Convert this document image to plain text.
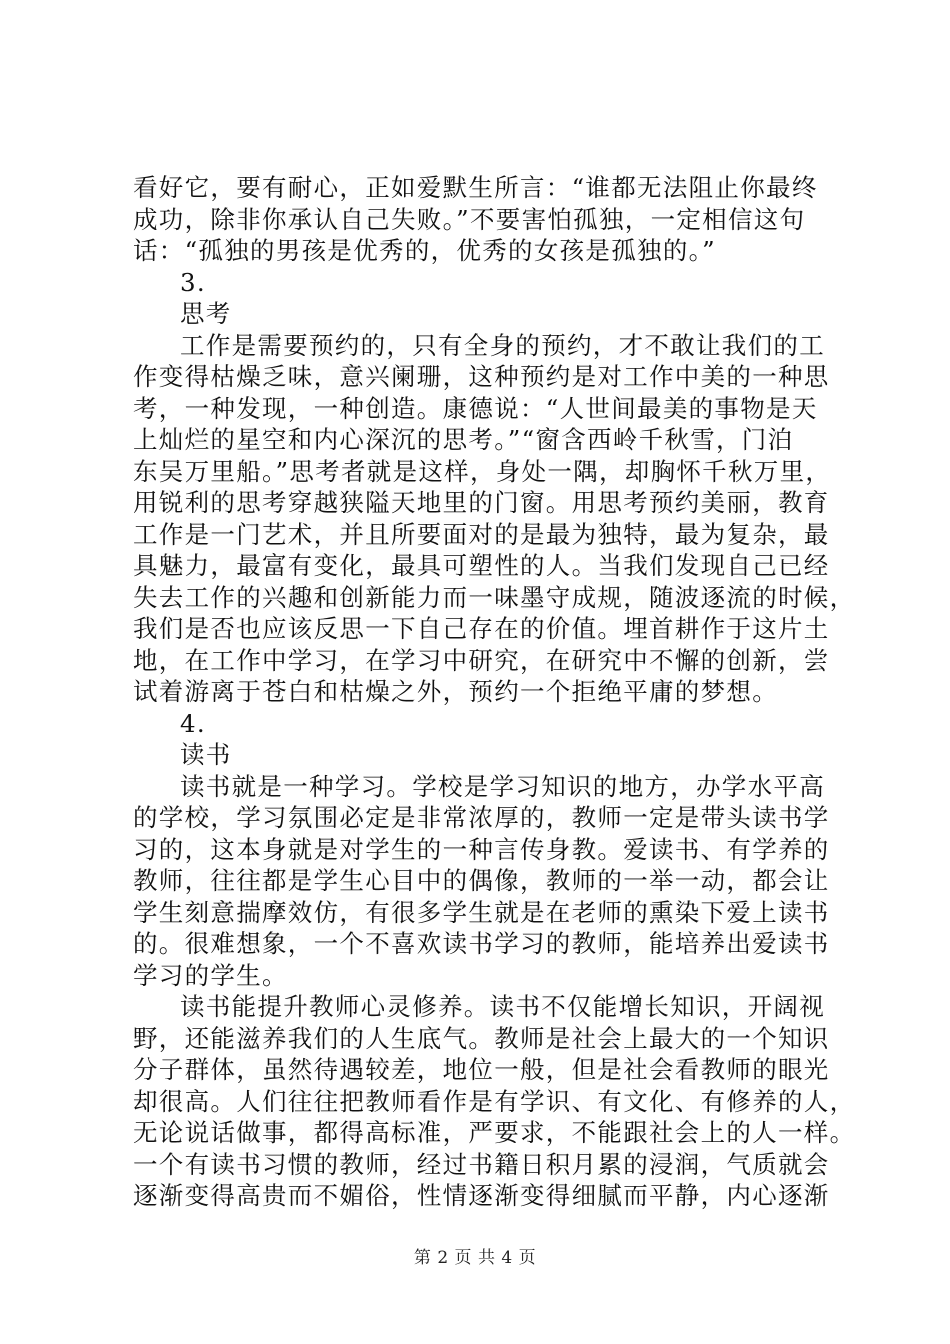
看好它，要有耐心，正如爱默生所言：“谁都无法阻止你最终
成功，除非你承认自己失败。”不要害怕孤独，一定相信这句
话：“孤独的男孩是优秀的，优秀的女孩是孤独的。”
3.
思考
工作是需要预约的，只有全身的预约，才不敢让我们的工
作变得枯燥乏味，意兴阑珊，这种预约是对工作中美的一种思
考，一种发现，一种创造。康德说：“人世间最美的事物是天
上灿烂的星空和内心深沉的思考。”“窗含西岭千秋雪，门泊
东吴万里船。”思考者就是这样，身处一隅，却胸怀千秋万里，
用锐利的思考穿越狭隘天地里的门窗。用思考预约美丽，教育
工作是一门艺术，并且所要面对的是最为独特，最为复杂，最
具魅力，最富有变化，最具可塑性的人。当我们发现自己已经
失去工作的兴趣和创新能力而一味墨守成规，随波逐流的时候，
我们是否也应该反思一下自己存在的价值。埋首耕作于这片土
地，在工作中学习，在学习中研究，在研究中不懈的创新，尝
试着游离于苍白和枯燥之外，预约一个拒绝平庸的梦想。
4.
读书
读书就是一种学习。学校是学习知识的地方，办学水平高
的学校，学习氛围必定是非常浓厚的，教师一定是带头读书学
习的，这本身就是对学生的一种言传身教。爱读书、有学养的
教师，往往都是学生心目中的偶像，教师的一举一动，都会让
学生刻意揣摩效仿，有很多学生就是在老师的熏染下爱上读书
的。很难想象，一个不喜欢读书学习的教师，能培养出爱读书
学习的学生。
读书能提升教师心灵修养。读书不仅能增长知识，开阔视
野，还能滋养我们的人生底气。教师是社会上最大的一个知识
分子群体，虽然待遇较差，地位一般，但是社会看教师的眼光
却很高。人们往往把教师看作是有学识、有文化、有修养的人，
无论说话做事，都得高标准，严要求，不能跟社会上的人一样。
一个有读书习惯的教师，经过书籍日积月累的浸润，气质就会
逐渐变得高贵而不媚俗，性情逐渐变得细腻而平静，内心逐渐
第 2 页 共 4 页
